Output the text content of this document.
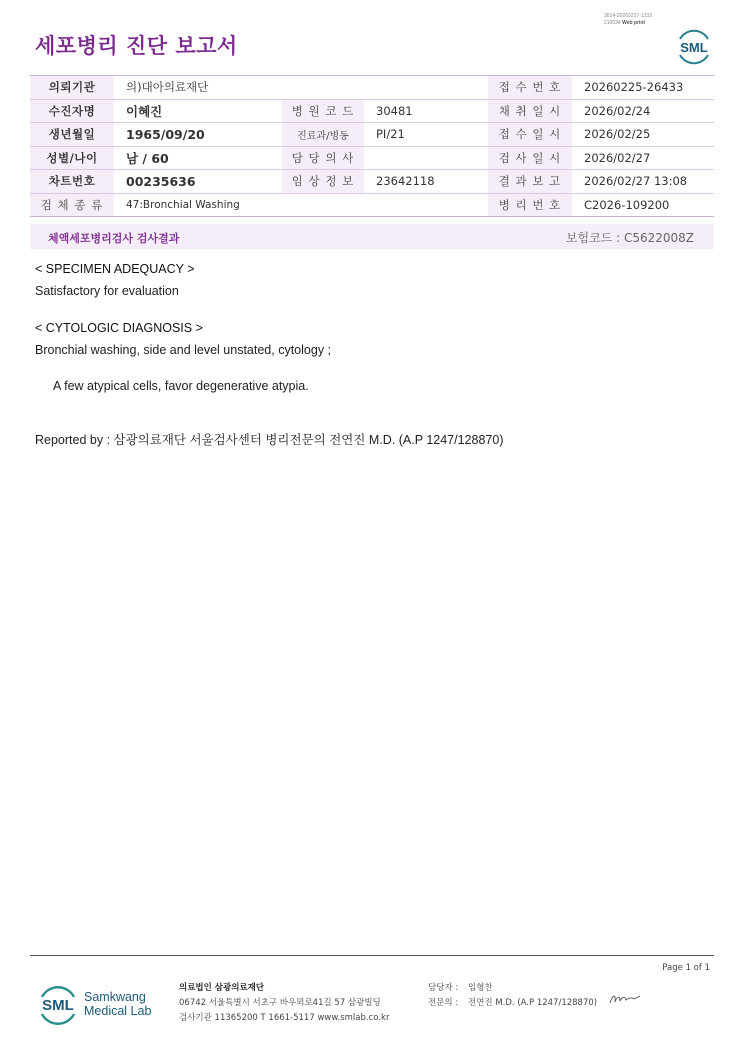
3014-20260227-1333
210034 Web print
세포병리 진단 보고서	SML
의뢰기관	의)대아의료재단			접 수 번 호	20260225-26433
수진자명	이혜진	병 원 코 드	30481	채 취 일 시	2026/02/24
생년월일	1965/09/20	진료과/병동	PI/21	접 수 일 시	2026/02/25
성별/나이	남 / 60	담 당 의 사		검 사 일 시	2026/02/27
차트번호	00235636	임 상 정 보	23642118	결 과 보 고	2026/02/27 13:08
검 체 종 류	47:Bronchial Washing			병 리 번 호	C2026-109200
체액세포병리검사 검사결과	보험코드 : C5622008Z
< SPECIMEN ADEQUACY >
Satisfactory for evaluation
< CYTOLOGIC DIAGNOSIS >
Bronchial washing, side and level unstated, cytology ;
A few atypical cells, favor degenerative atypia.
Reported by : 삼광의료재단 서울검사센터 병리전문의 전연진 M.D. (A.P 1247/128870)
Page 1 of 1
SML Samkwang
Medical Lab
의료법인 삼광의료재단
06742 서울특별시 서초구 바우뫼로41길 57 삼광빌딩
검사기관 11365200 T 1661-5117 www.smlab.co.kr
담당자 : 임형찬
전문의 : 전연진 M.D. (A.P 1247/128870)
